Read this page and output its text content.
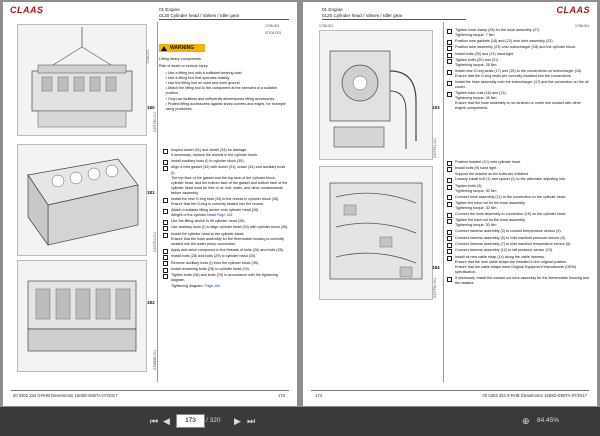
CLAAS	01 Engine
0120 Cylinder head / Valves / Idler gear
1708-001
ZJ07740-001
ZJ07731-001
ZJ08856-001
180
181
182
1708-001
07104-001
WARNING

Lifting heavy components.

Risk of death or serious injury.

• Use a lifting tool with a sufficient bearing load.
• Use a lifting tool that operates reliably.
• Use the lifting tool on solid and even ground.
• Attach the lifting tool to the component at the intended or a suitable position.
• Only use faultless and sufficiently dimensioned lifting accessories.
• Protect lifting accessories against sharp corners and edges, for example using protectors.
Inspect dowel (31) and dowel (34) for damage.
If necessary, replace the dowels in the cylinder block.
Install auxiliary tools (I) to cylinder block (35).
Align a new gasket (32) with dowel (31), dowel (34) and auxiliary tools (I).
The top face of the gasket and the top face of the cylinder block, cylinder head, and the bottom face of the gasket and bottom face of the cylinder head must be free of oil, fuel, water, and other contaminants before assembly.
Install the new O-ring seal (33) to the recess in cylinder block (35).
Ensure that the O-ring is correctly seated into the recess.
Attach a suitable lifting device onto cylinder head (28).
Weight of the cylinder head Page 166
Use the lifting device to lift cylinder head (30).
Use auxiliary tools (I) to align cylinder head (30) with cylinder block (35).
Install the cylinder head to the cylinder block.
Ensure that the hose assembly for the thermostat housing is correctly located into the water pump connection.
Apply anti-seize compound to the threads of bolts (26) and bolts (28).
Install bolts (28) and bolts (29) to cylinder head (30).
Remove auxiliary tools (I) from the cylinder block (35).
Install remaining bolts (28) to cylinder head (29).
Tighten bolts (28) and bolts (29) in accordance with the tightening diagram.
Tightening diagram: Page 166
00 0302 334 0-RHB Dieselmotor 1506D-E88TA-07/2017	173
CLAAS
01 Engine
0120 Cylinder head / Valves / Idler gear
1708-001
ZJ07751-001
ZJ07752-001
183
184
1708-001
Tighten hose clamp (26) for the hose assembly (27).
Tightening torque: 7 Nm
Position new gaskets (18) and (22) onto tube assembly (23).
Position tube assembly (23) onto turbocharger (18) and the cylinder block.
Install bolts (20) and (21) hand tight.
Tighten bolts (20) and (21).
Tightening torque: 28 Nm
Install new O-ring seals (17) and (25) to the connections on turbocharger (18).
Ensure that the O-ring seals are correctly installed into the connections.
Install the hose assembly onto the turbocharger (17) and the connection on the oil cooler.
Tighten tube nuts (16) and (23).
Tightening torque: 45 Nm
Ensure that the hose assembly is not strained or come into contact with other engine components.
Position bracket (10) onto cylinder head.
Install bolts (9) hand tight.
Support the bracket as the bolts are installed.
Loosely install bolt (1) and spacer (2) to the alternator adjusting link.
Tighten bolts (9).
Tightening torque: 30 Nm
Connect hose assembly (11) to the connection on the cylinder head.
Tighten the tube nut for the hose assembly.
Tightening torque: 30 Nm
Connect the hose assembly to connection (15) on the cylinder head.
Tighten the tube nut for the hose assembly.
Tightening torque: 30 Nm
Connect harness assembly (3) to coolant temperature sensor (4).
Connect harness assembly (5) to inlet manifold pressure sensor (6).
Connect harness assembly (7) to inlet manifold temperature sensor (8).
Connect harness assembly (12) to rail pressure sensor (13).
Install all new cable strap (14) along the cable harness.
Ensure that the new cable straps are installed in the original position.
Ensure that the cable straps meet Original Equipment Manufacture (OEM) specification.
If necessary, install the coolant out tube assembly for the thermostats housing and the radiator.
174	00 0302 334 0-RHB Dieselmotor 1506D-E88TA-07/2017
⏮ ◀	173	/ 320 ▶ ⏭	⊕ 84.45%
